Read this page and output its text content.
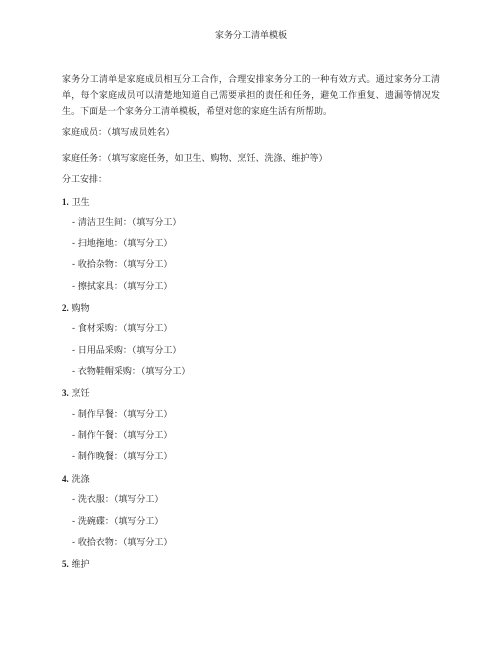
家务分工清单模板
家务分工清单是家庭成员相互分工合作，合理安排家务分工的一种有效方式。通过家务分工清单，每个家庭成员可以清楚地知道自己需要承担的责任和任务，避免工作重复、遗漏等情况发生。下面是一个家务分工清单模板，希望对您的家庭生活有所帮助。
家庭成员：（填写成员姓名）
家庭任务：（填写家庭任务，如卫生、购物、烹饪、洗涤、维护等）
分工安排：
1. 卫生
- 清洁卫生间：（填写分工）
- 扫地拖地：（填写分工）
- 收拾杂物：（填写分工）
- 擦拭家具：（填写分工）
2. 购物
- 食材采购：（填写分工）
- 日用品采购：（填写分工）
- 衣物鞋帽采购：（填写分工）
3. 烹饪
- 制作早餐：（填写分工）
- 制作午餐：（填写分工）
- 制作晚餐：（填写分工）
4. 洗涤
- 洗衣服：（填写分工）
- 洗碗碟：（填写分工）
- 收拾衣物：（填写分工）
5. 维护
